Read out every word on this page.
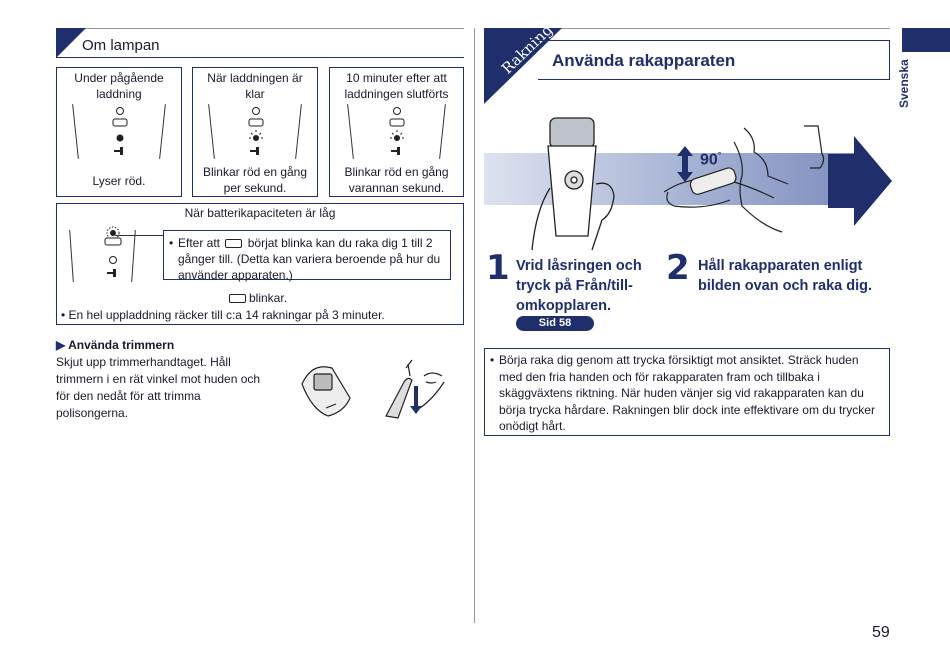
Om lampan
Under pågående laddning
Lyser röd.
När laddningen är klar
Blinkar röd en gång per sekund.
10 minuter efter att laddningen slutförts
Blinkar röd en gång varannan sekund.
När batterikapaciteten är låg
• Efter att börjat blinka kan du raka dig 1 till 2 gånger till. (Detta kan variera beroende på hur du använder apparaten.)
blinkar.
• En hel uppladdning räcker till c:a 14 rakningar på 3 minuter.
▶ Använda trimmern
Skjut upp trimmerhandtaget. Håll trimmern i en rät vinkel mot huden och för den nedåt för att trimma polisongerna.
Rakning
Använda rakapparaten	Svenska
90°
1 Vrid låsringen och tryck på Från/till-omkopplaren.
Sid 58
2 Håll rakapparaten enligt bilden ovan och raka dig.
• Börja raka dig genom att trycka försiktigt mot ansiktet. Sträck huden med den fria handen och för rakapparaten fram och tillbaka i skäggväxtens riktning. När huden vänjer sig vid rakapparaten kan du börja trycka hårdare. Rakningen blir dock inte effektivare om du trycker onödigt hårt.
59
